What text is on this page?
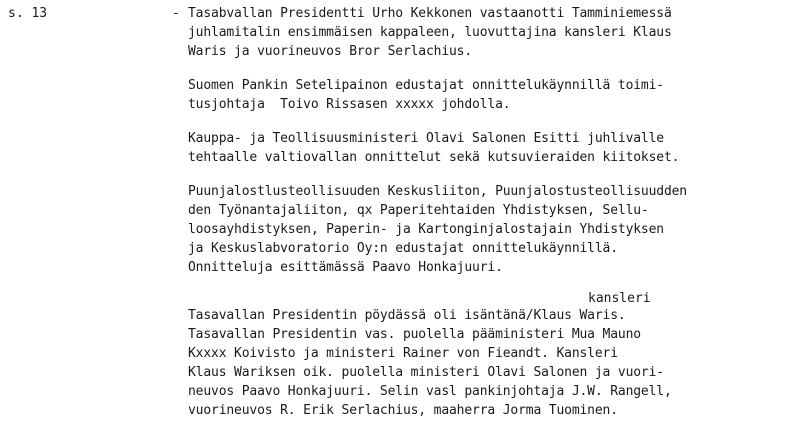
s. 13	- Tasabvallan Presidentti Urho Kekkonen vastaanotti Tamminiemessä
juhlamitalin ensimmäisen kappaleen, luovuttajina kansleri Klaus
Waris ja vuorineuvos Bror Serlachius.
Suomen Pankin Setelipainon edustajat onnittelukäynnillä toimi-
tusjohtaja  Toivo Rissasen xxxxx johdolla.
Kauppa- ja Teollisuusministeri Olavi Salonen Esitti juhlivalle
tehtaalle valtiovallan onnittelut sekä kutsuvieraiden kiitokset.
Puunjalostlusteollisuuden Keskusliiton, Puunjalostusteollisuudden
den Työnantajaliiton, qx Paperitehtaiden Yhdistyksen, Sellu-
loosayhdistyksen, Paperin- ja Kartonginjalostajain Yhdistyksen
ja Keskuslabvoratorio Oy:n edustajat onnittelukäynnillä.
Onnitteluja esittämässä Paavo Honkajuuri.
kansleri
Tasavallan Presidentin pöydässä oli isäntänä/Klaus Waris.
Tasavallan Presidentin vas. puolella pääministeri Mua Mauno
Kxxxx Koivisto ja ministeri Rainer von Fieandt. Kansleri
Klaus Wariksen oik. puolella ministeri Olavi Salonen ja vuori-
neuvos Paavo Honkajuuri. Selin vasl pankinjohtaja J.W. Rangell,
vuorineuvos R. Erik Serlachius, maaherra Jorma Tuominen.
